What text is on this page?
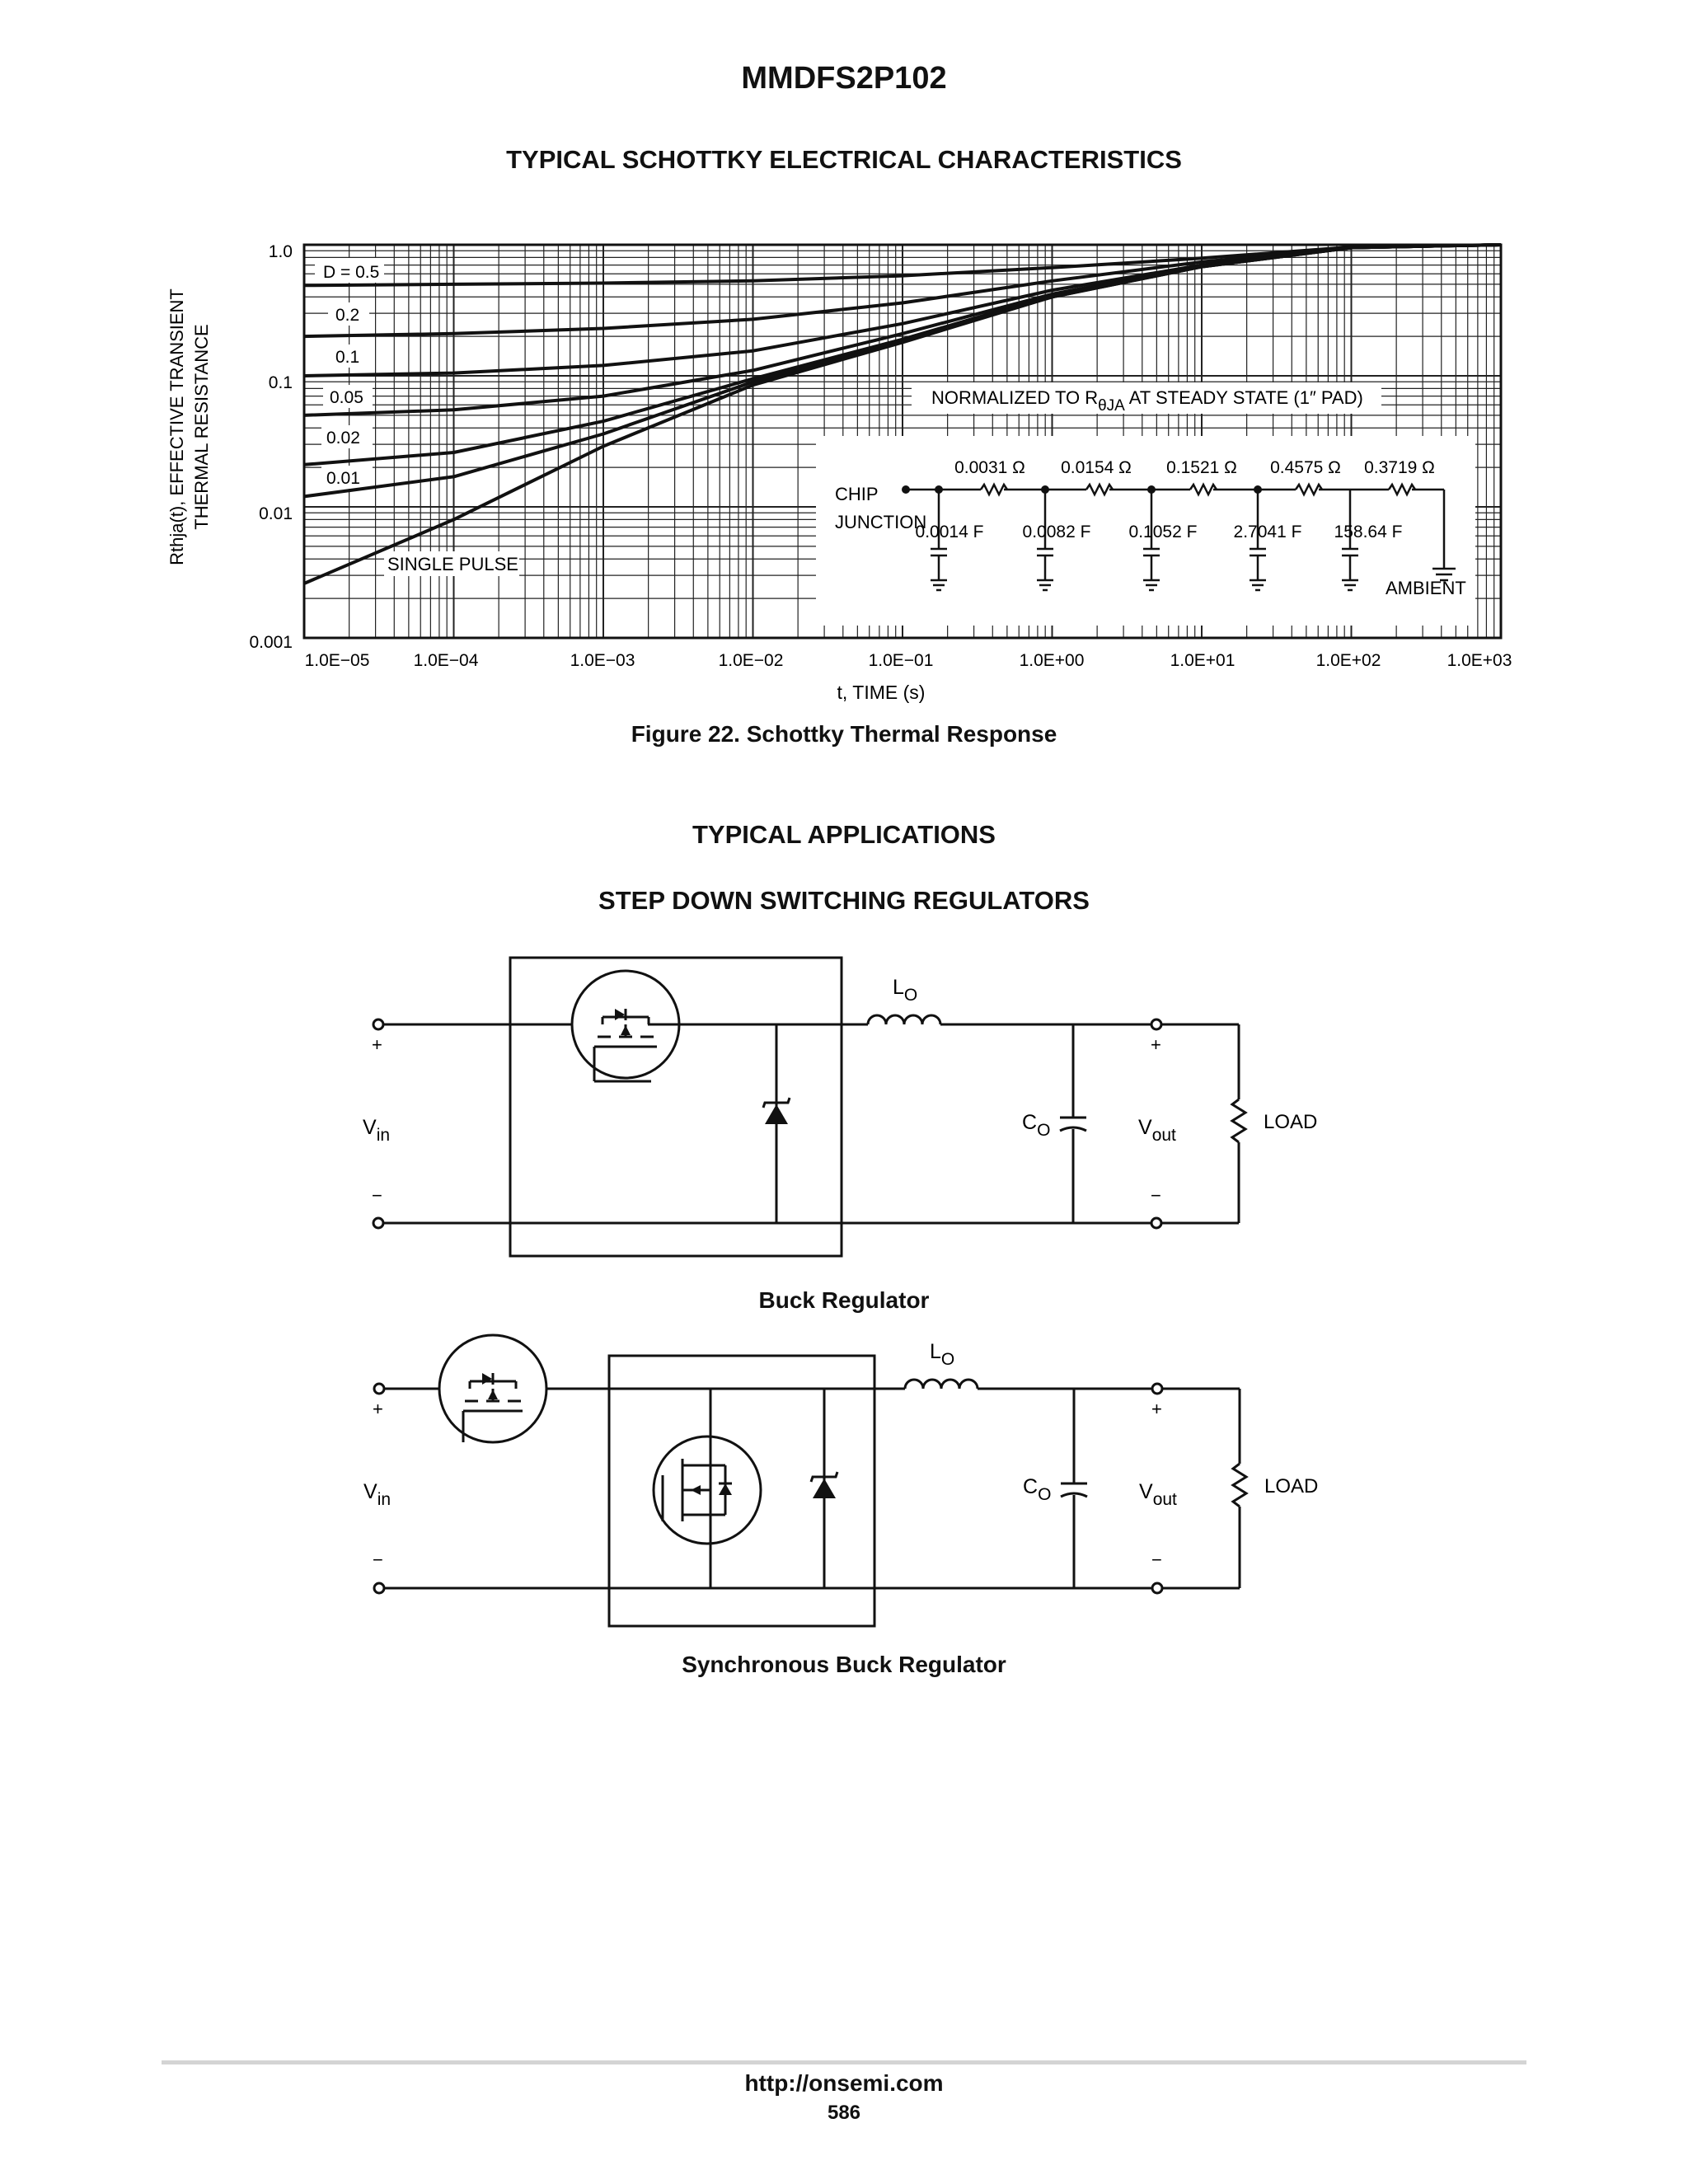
MMDFS2P102
TYPICAL SCHOTTKY ELECTRICAL CHARACTERISTICS
Rthja(t), EFFECTIVE TRANSIENT THERMAL RESISTANCE
1.0
0.1
0.01
0.001
1.0E−05	1.0E−04	1.0E−03	1.0E−02	1.0E−01	1.0E+00	1.0E+01	1.0E+02	1.0E+03
t, TIME (s)
D = 0.5
0.2
0.1
0.05
0.02
0.01
SINGLE PULSE
NORMALIZED TO RθJA AT STEADY STATE (1″ PAD)
CHIP
JUNCTION
AMBIENT
0.0031 Ω 0.0154 Ω 0.1521 Ω 0.4575 Ω 0.3719 Ω
0.0014 F 0.0082 F 0.1052 F 2.7041 F 158.64 F
Figure 22. Schottky Thermal Response
TYPICAL APPLICATIONS
STEP DOWN SWITCHING REGULATORS
+
−
+
−
$V_{in}$	$V_{out}$
$L_O$
$C_O$	LOAD
Buck Regulator
+
−
+
−
$V_{in}$	$V_{out}$
$L_O$
$C_O$	LOAD
Synchronous Buck Regulator
http://onsemi.com
586
